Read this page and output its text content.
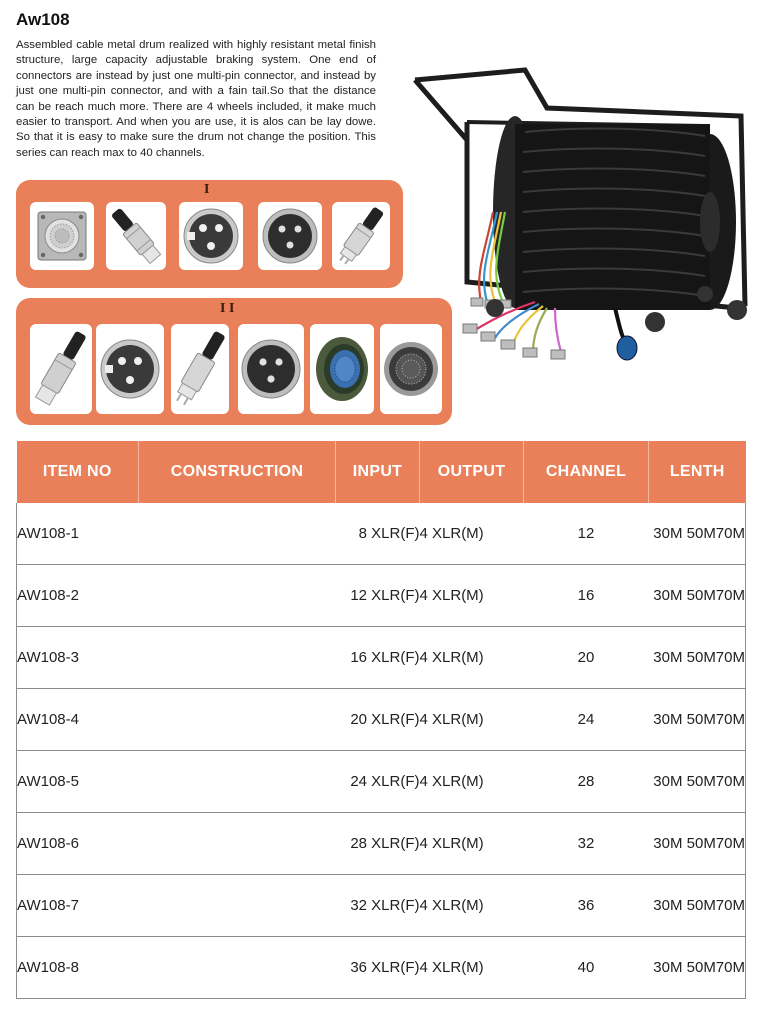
Aw108
Assembled cable metal drum realized with highly resistant metal finish structure, large capacity adjustable braking system. One end of connectors are instead by just one multi-pin connector, and instead by just one multi-pin connector, and with a fain tail.So that the distance can be reach much more. There are 4 wheels included, it make much easier to transport. And when you are use, it is alos can be lay dowe. So that it is easy to make sure the drum not change the position. This series can reach max to 40 channels.
I
I I
ITEM NO	CONSTRUCTION	INPUT	OUTPUT	CHANNEL	LENTH
AW108-1		8 XLR(F)	4 XLR(M)	12	30M 50M70M
AW108-2		12 XLR(F)	4 XLR(M)	16	30M 50M70M
AW108-3		16 XLR(F)	4 XLR(M)	20	30M 50M70M
AW108-4		20 XLR(F)	4 XLR(M)	24	30M 50M70M
AW108-5		24 XLR(F)	4 XLR(M)	28	30M 50M70M
AW108-6		28 XLR(F)	4 XLR(M)	32	30M 50M70M
AW108-7		32 XLR(F)	4 XLR(M)	36	30M 50M70M
AW108-8		36 XLR(F)	4 XLR(M)	40	30M 50M70M
